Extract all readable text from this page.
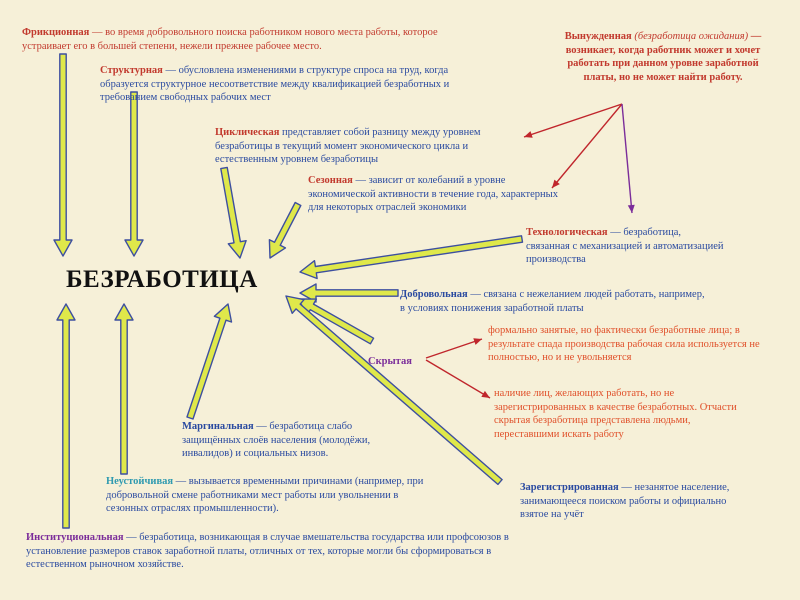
БЕЗРАБОТИЦА
Фрикционная — во время добровольного поиска работником нового места работы, которое устраивает его в большей степени, нежели прежнее рабочее место.
Структурная — обусловлена изменениями в структуре спроса на труд, когда образуется структурное несоответствие между квалификацией безработных и требованием свободных рабочих мест
Вынужденная (безработица ожидания) — возникает, когда работник может и хочет работать при данном уровне заработной платы, но не может найти работу.
Циклическая представляет собой разницу между уровнем безработицы в текущий момент экономического цикла и естественным уровнем безработицы
Сезонная — зависит от колебаний в уровне экономической активности в течение года, характерных для некоторых отраслей экономики
Технологическая — безработица, связанная с механизацией и автоматизацией производства
Добровольная — связана с нежеланием людей работать, например, в условиях понижения заработной платы
Скрытая
формально занятые, но фактически безработные лица; в результате спада производства рабочая сила используется не полностью, но и не увольняется
наличие лиц, желающих работать, но не зарегистрированных в качестве безработных. Отчасти скрытая безработица представлена людьми, переставшими искать работу
Маргинальная — безработица слабо защищённых слоёв населения (молодёжи, инвалидов) и социальных низов.
Неустойчивая — вызывается временными причинами (например, при добровольной смене работниками мест работы или увольнении в сезонных отраслях промышленности).
Зарегистрированная — незанятое население, занимающееся поиском работы и официально взятое на учёт
Институциональная — безработица, возникающая в случае вмешательства государства или профсоюзов в установление размеров ставок заработной платы, отличных от тех, которые могли бы сформироваться в естественном рыночном хозяйстве.
